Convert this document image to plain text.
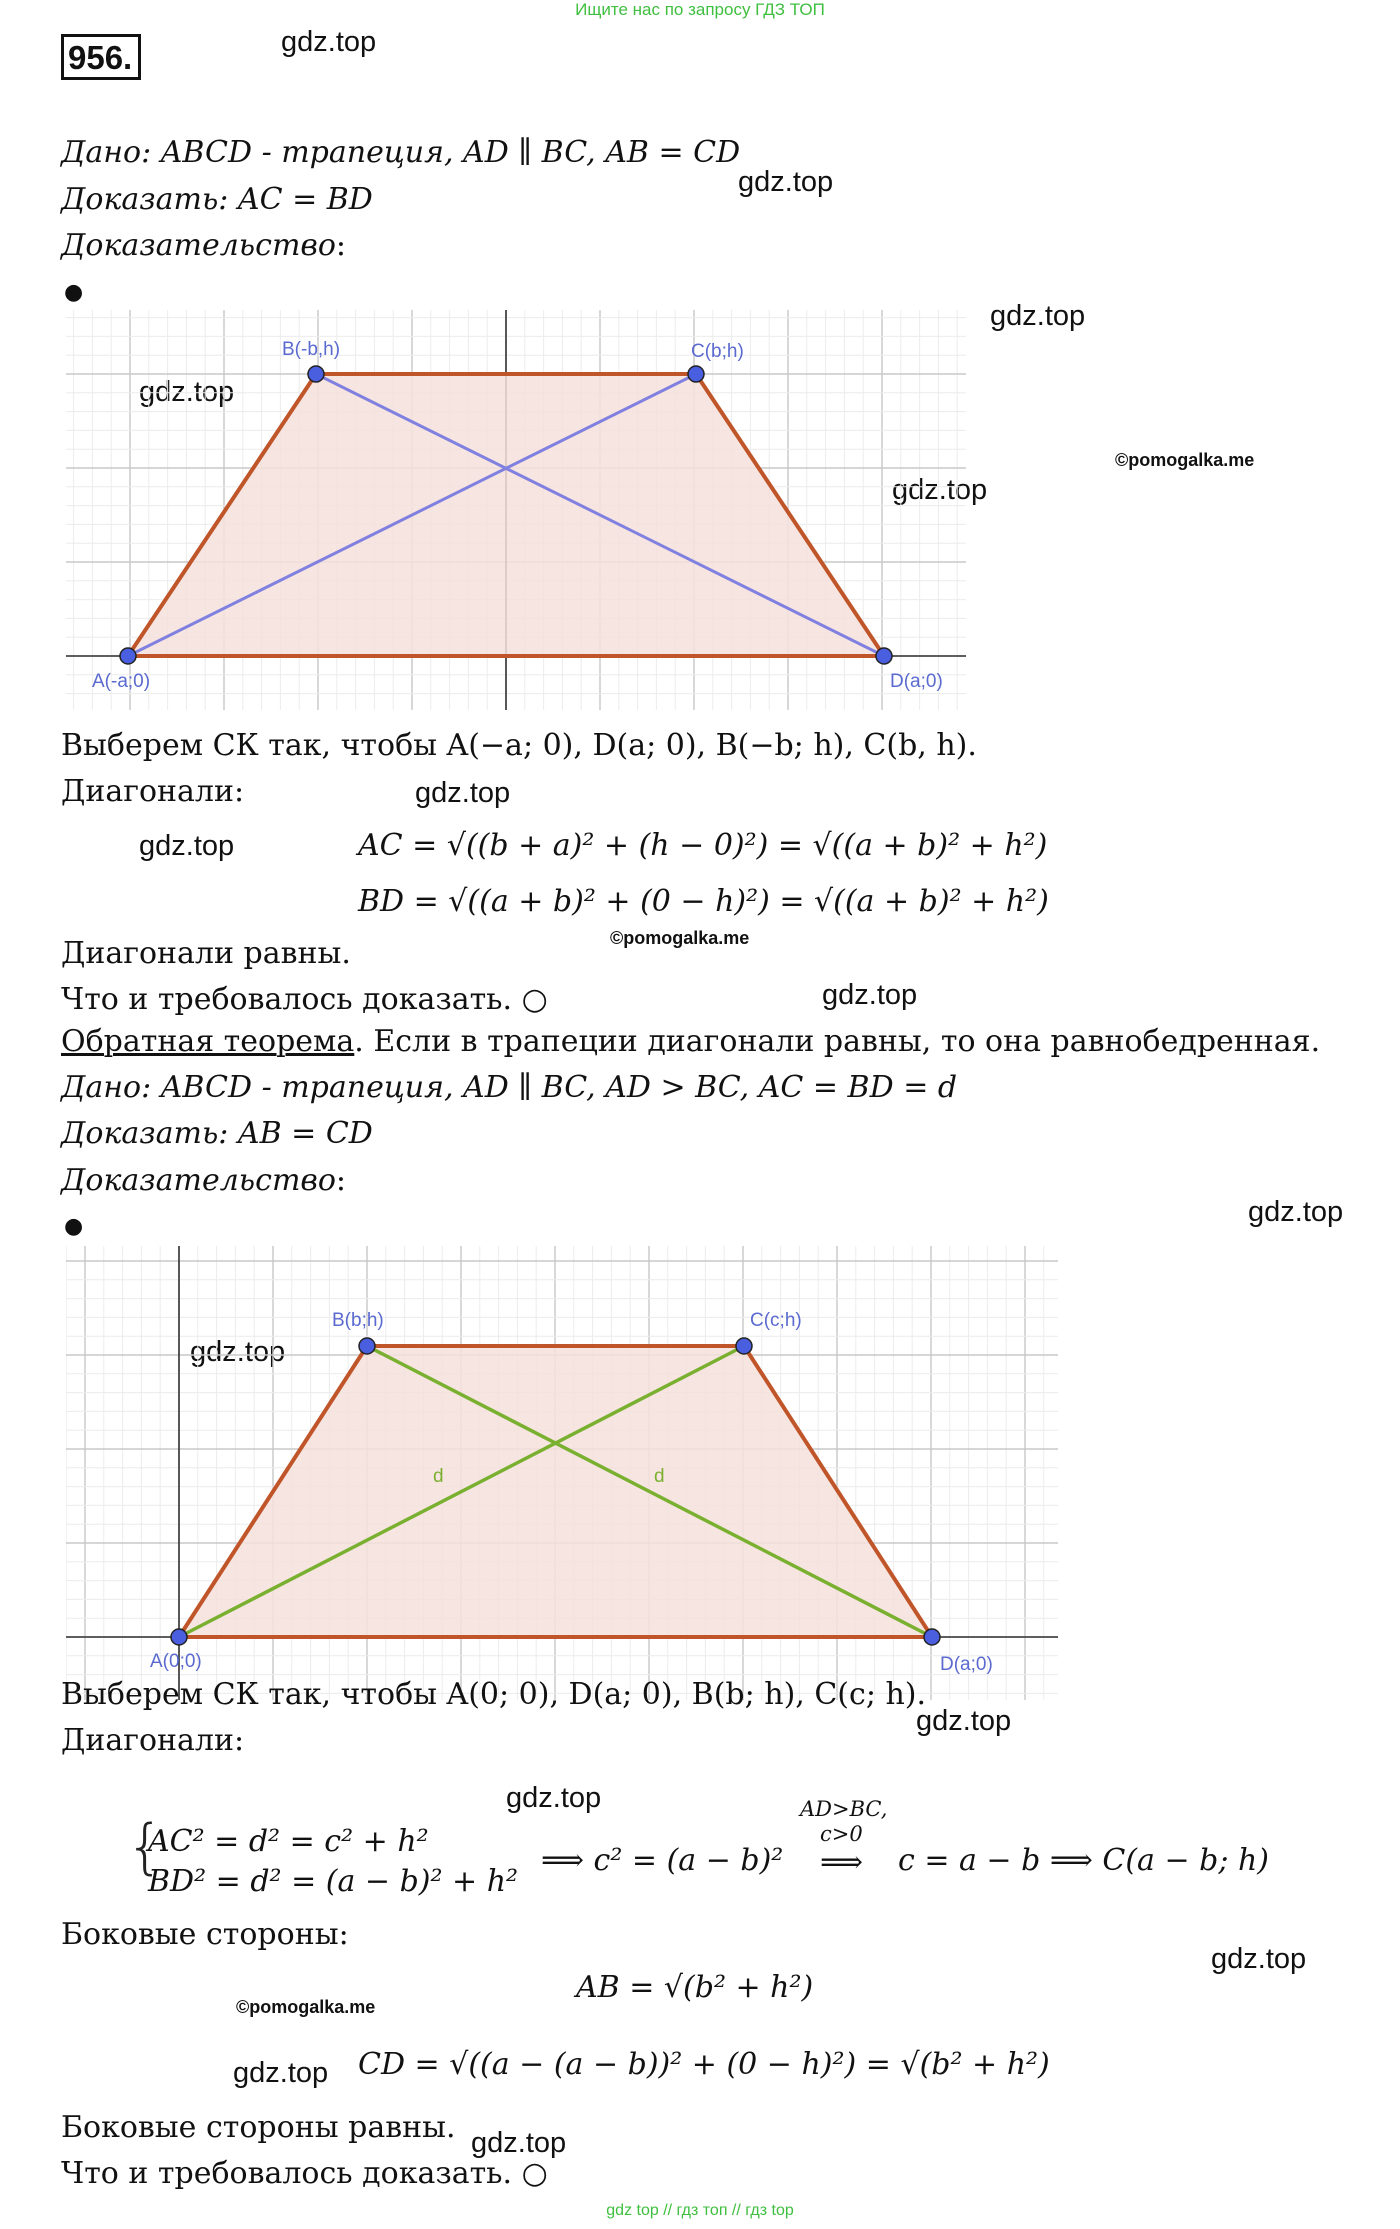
Ищите нас по запросу ГДЗ ТОП
956.	gdz.top
gdz.top
gdz.top
gdz.top
©pomogalka.me
gdz.top
gdz.top
gdz.top
©pomogalka.me
gdz.top
gdz.top
gdz.top
gdz.top
gdz.top
gdz.top
©pomogalka.me
gdz.top
gdz.top
Дано: ABCD - трапеция, AD ∥ BC, AB = CD
Доказать: AC = BD
Доказательство:
●
A(-a;0)
B(-b,h)	C(b;h)
D(a;0)
Выберем СК так, чтобы A(−a; 0), D(a; 0), B(−b; h), C(b, h).
Диагонали:
AC = √((b + a)² + (h − 0)²) = √((a + b)² + h²)
BD = √((a + b)² + (0 − h)²) = √((a + b)² + h²)
Диагонали равны.
Что и требовалось доказать. ○
Обратная теорема. Если в трапеции диагонали равны, то она равнобедренная.
Дано: ABCD - трапеция, AD ∥ BC, AD > BC, AC = BD = d
Доказать: AB = CD
Доказательство:
●
A(0;0)
B(b;h)	C(c;h)
D(a;0)
d	d
Выберем СК так, чтобы A(0; 0), D(a; 0), B(b; h), C(c; h).
Диагонали:
{
AC² = d² = c² + h²
BD² = d² = (a − b)² + h²
⟹ c² = (a − b)²
AD>BC,
c>0
⟹ c = a − b ⟹ C(a − b; h)
Боковые стороны:
AB = √(b² + h²)
CD = √((a − (a − b))² + (0 − h)²) = √(b² + h²)
Боковые стороны равны.
Что и требовалось доказать. ○
gdz top // гдз топ // гдз top
